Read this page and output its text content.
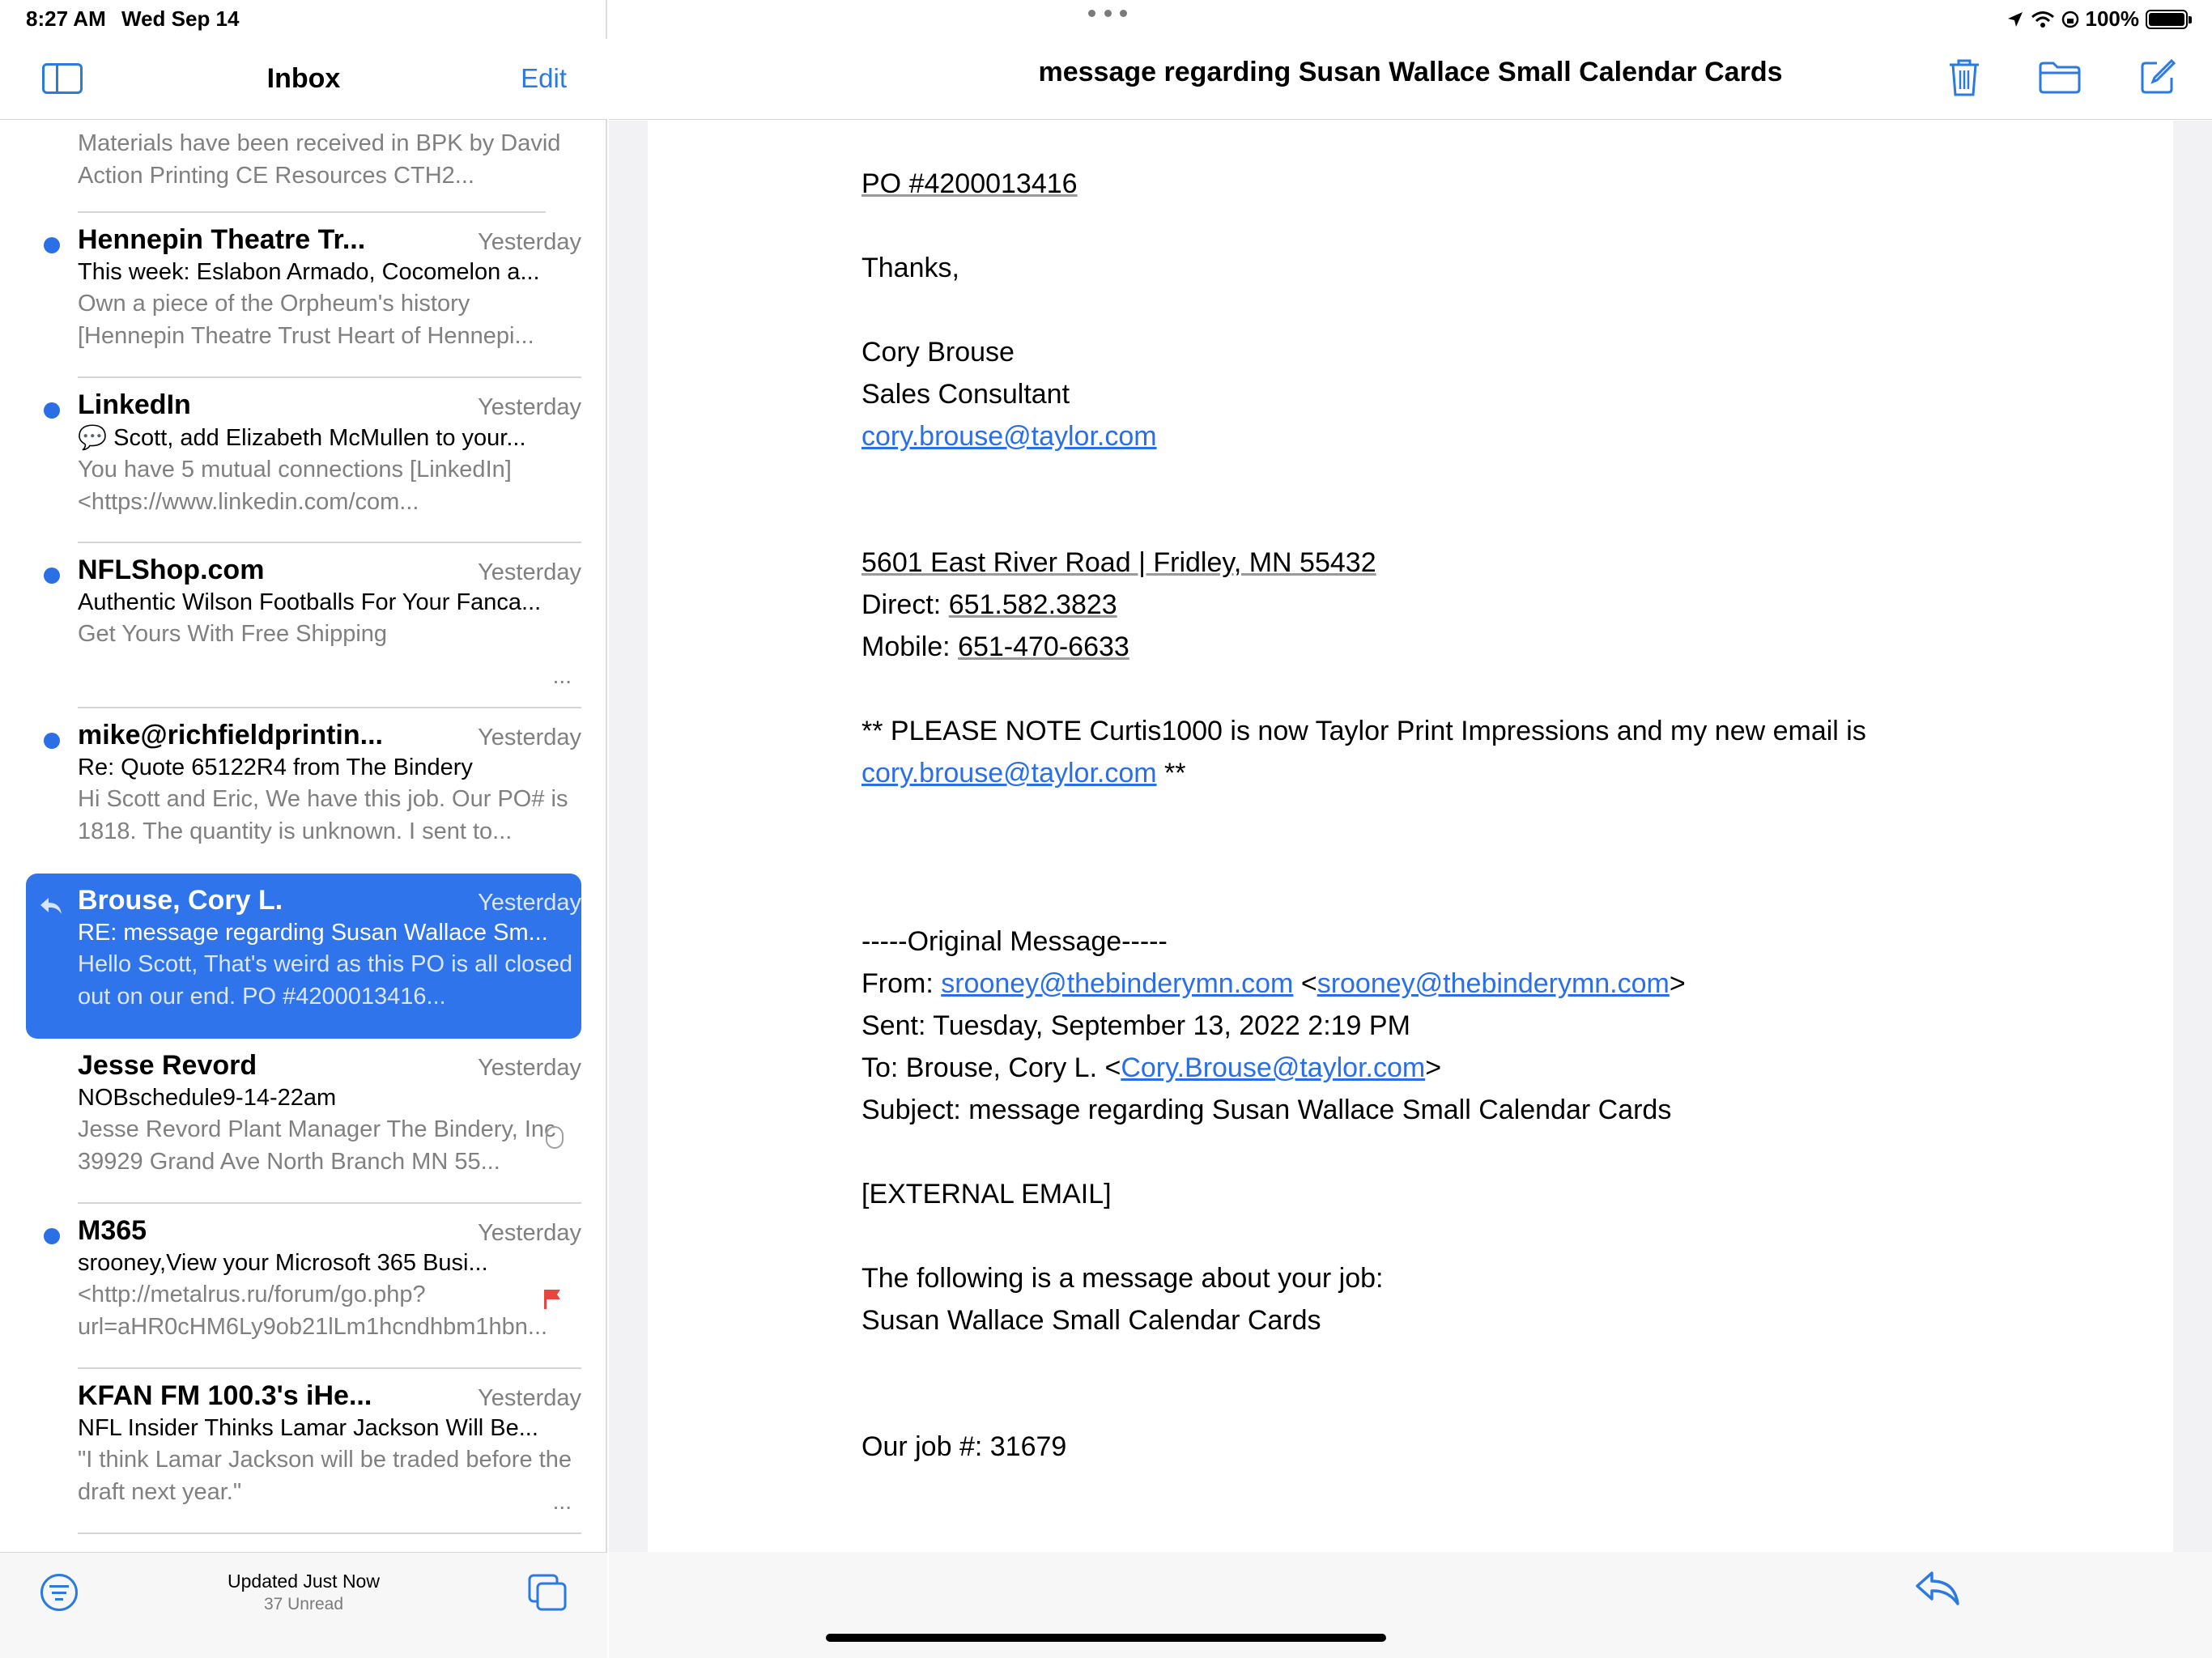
8:27 AM Wed Sep 14	100%
Inbox	Edit
Materials have been received in BPK by David Action Printing CE Resources CTH2...
Hennepin Theatre Tr...	Yesterday
This week: Eslabon Armado, Cocomelon a...
Own a piece of the Orpheum's history [Hennepin Theatre Trust Heart of Hennepi...
LinkedIn	Yesterday
💬 Scott, add Elizabeth McMullen to your...
You have 5 mutual connections [LinkedIn]<https://www.linkedin.com/com...
NFLShop.com	Yesterday
Authentic Wilson Footballs For Your Fanca...
Get Yours With Free Shipping
...
mike@richfieldprintin...	Yesterday
Re: Quote 65122R4 from The Bindery
Hi Scott and Eric, We have this job. Our PO# is 1818. The quantity is unknown. I sent to...
Brouse, Cory L.	Yesterday
RE: message regarding Susan Wallace Sm...
Hello Scott, That's weird as this PO is all closed out on our end. PO #4200013416...
Jesse Revord	Yesterday
NOBschedule9-14-22am
Jesse Revord Plant Manager The Bindery, Inc 39929 Grand Ave North Branch MN 55...
M365	Yesterday
srooney,View your Microsoft 365 Busi...
<http://metalrus.ru/forum/go.php?url=aHR0cHM6Ly9ob21lLm1hcndhbm1hbn...
KFAN FM 100.3's iHe...	Yesterday
NFL Insider Thinks Lamar Jackson Will Be...
"I think Lamar Jackson will be traded before the draft next year."	...
Updated Just Now
37 Unread
message regarding Susan Wallace Small Calendar Cards
PO #4200013416
Thanks,
Cory Brouse
Sales Consultant
cory.brouse@taylor.com
5601 East River Road | Fridley, MN 55432
Direct: 651.582.3823
Mobile: 651-470-6633
** PLEASE NOTE Curtis1000 is now Taylor Print Impressions and my new email is
cory.brouse@taylor.com **
-----Original Message-----
From: srooney@thebinderymn.com <srooney@thebinderymn.com>
Sent: Tuesday, September 13, 2022 2:19 PM
To: Brouse, Cory L. <Cory.Brouse@taylor.com>
Subject: message regarding Susan Wallace Small Calendar Cards
[EXTERNAL EMAIL]
The following is a message about your job:
Susan Wallace Small Calendar Cards
Our job #: 31679
